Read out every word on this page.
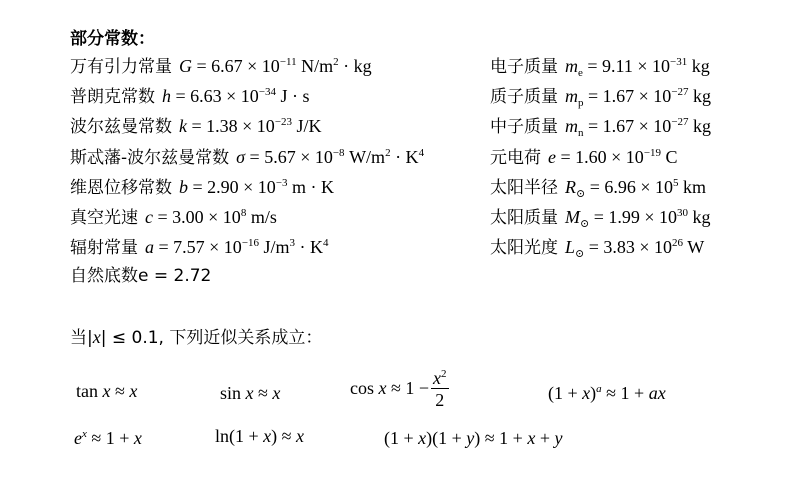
部分常数：
万有引力常量 $G = 6.67 \times 10^{-11}$ $N/m^2$ · kg
普朗克常数 $h = 6.63 \times 10^{-34}$ J · s
波尔兹曼常数 $k = 1.38 \times 10^{-23}$ J/K
斯忒藩-波尔兹曼常数 $\sigma = 5.67 \times 10^{-8}$ $W/m^2 \cdot K^4$
维恩位移常数 $b = 2.90 \times 10^{-3}$ m · K
真空光速 $c = 3.00 \times 10^8$ m/s
辐射常量 $a = 7.57 \times 10^{-16}$ $J/m^3 \cdot K^4$
自然底数e = 2.72
电子质量 $m_e = 9.11 \times 10^{-31}$ kg
质子质量 $m_p = 1.67 \times 10^{-27}$ kg
中子质量 $m_n = 1.67 \times 10^{-27}$ kg
元电荷 $e = 1.60 \times 10^{-19}$ C
太阳半径 $R_⊙ = 6.96 \times 10^5$ km
太阳质量 $M_⊙ = 1.99 \times 10^{30}$ kg
太阳光度 $L_⊙ = 3.83 \times 10^{26}$ W
当|x| ≤ 0.1, 下列近似关系成立：
tan x ≈ x	sin x ≈ x	$\cos x \approx 1 - \frac{x^2}{2}$	$(1 + x)^a \approx 1$ + ax
$e^x \approx 1 + x$	ln(1 + x) ≈ x	(1 + x)(1 + y) ≈ 1 + x + y
